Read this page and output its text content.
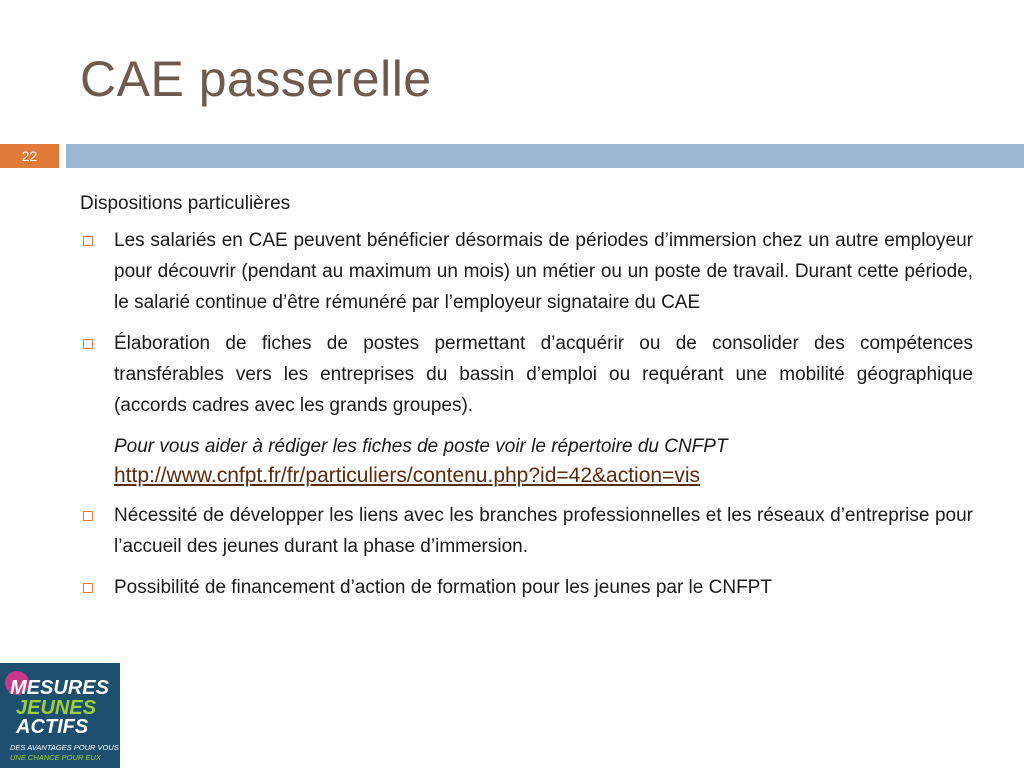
CAE passerelle
22
Dispositions particulières
Les salariés en CAE peuvent bénéficier désormais de périodes d’immersion chez un autre employeur pour découvrir (pendant au maximum un mois) un métier ou un poste de travail. Durant cette période, le salarié continue d’être rémunéré par l’employeur signataire du CAE
Élaboration de fiches de postes permettant d’acquérir ou de consolider des compétences transférables vers les entreprises du bassin d’emploi ou requérant une mobilité géographique (accords cadres avec les grands groupes).
Pour vous aider à rédiger les fiches de poste voir le répertoire du CNFPT
http://www.cnfpt.fr/fr/particuliers/contenu.php?id=42&action=vis
Nécessité de développer les liens avec les branches professionnelles et les réseaux d’entreprise pour l’accueil des jeunes durant la phase d’immersion.
Possibilité de financement d’action de formation pour les jeunes par le CNFPT
MESURES
JEUNES
ACTIFS
DES AVANTAGES POUR VOUS
UNE CHANCE POUR EUX
